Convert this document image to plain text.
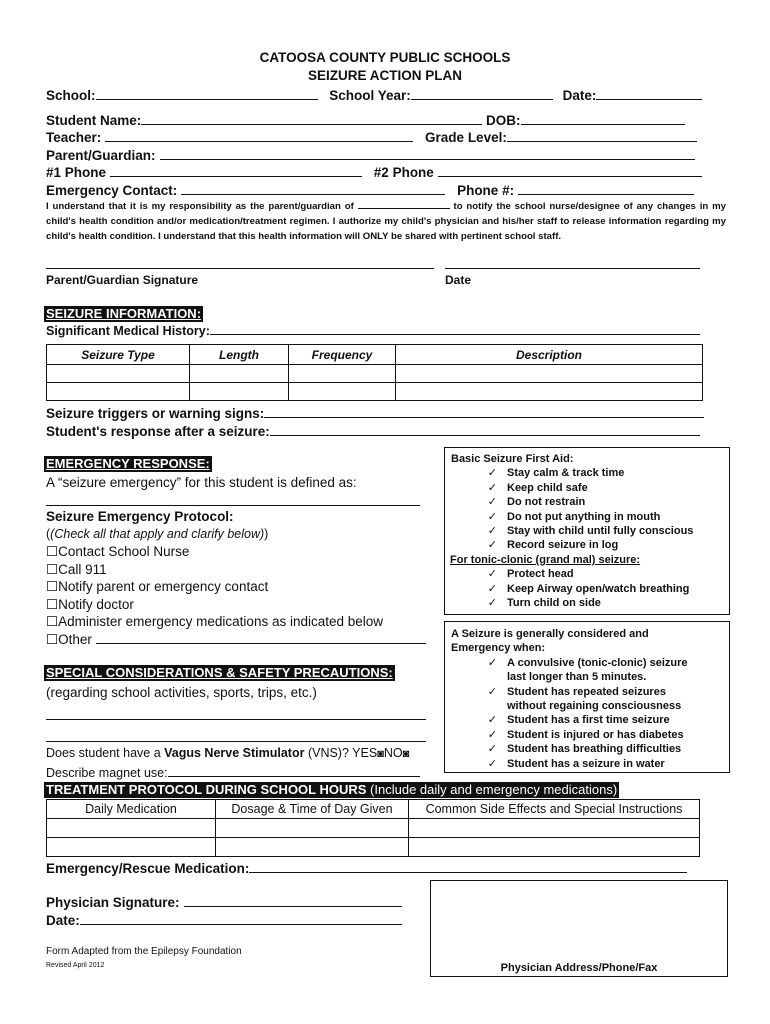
CATOOSA COUNTY PUBLIC SCHOOLS
SEIZURE ACTION PLAN
School:	School Year:	Date:
Student Name:	DOB:
Teacher:	Grade Level:
Parent/Guardian:
#1 Phone	#2 Phone
Emergency Contact:	Phone #:
I understand that it is my responsibility as the parent/guardian of	to notify the school nurse/designee of any changes in my child's health condition and/or medication/treatment regimen. I authorize my child's physician and his/her staff to release information regarding my child's health condition. I understand that this health information will ONLY be shared with pertinent school staff.
Parent/Guardian Signature	Date
SEIZURE INFORMATION:
Significant Medical History:
Seizure Type	Length	Frequency	Description

Seizure triggers or warning signs:
Student's response after a seizure:
EMERGENCY RESPONSE:
A “seizure emergency” for this student is defined as:
Seizure Emergency Protocol:
((Check all that apply and clarify below))
☐Contact School Nurse
☐Call 911
☐Notify parent or emergency contact
☐Notify doctor
☐Administer emergency medications as indicated below
☐Other
Basic Seizure First Aid:
✓ Stay calm & track time
✓ Keep child safe
✓ Do not restrain
✓ Do not put anything in mouth
✓ Stay with child until fully conscious
✓ Record seizure in log
For tonic-clonic (grand mal) seizure:
✓ Protect head
✓ Keep Airway open/watch breathing
✓ Turn child on side
A Seizure is generally considered and
Emergency when:
✓ A convulsive (tonic-clonic) seizure
last longer than 5 minutes.
✓ Student has repeated seizures
without regaining consciousness
✓ Student has a first time seizure
✓ Student is injured or has diabetes
✓ Student has breathing difficulties
✓ Student has a seizure in water
SPECIAL CONSIDERATIONS & SAFETY PRECAUTIONS:
(regarding school activities, sports, trips, etc.)
Does student have a Vagus Nerve Stimulator (VNS)? YES◙NO◙
Describe magnet use:
TREATMENT PROTOCOL DURING SCHOOL HOURS (Include daily and emergency medications)
Daily Medication	Dosage & Time of Day Given	Common Side Effects and Special Instructions

Emergency/Rescue Medication:
Physician Signature:
Date:
Physician Address/Phone/Fax
Form Adapted from the Epilepsy Foundation
Revised April 2012
